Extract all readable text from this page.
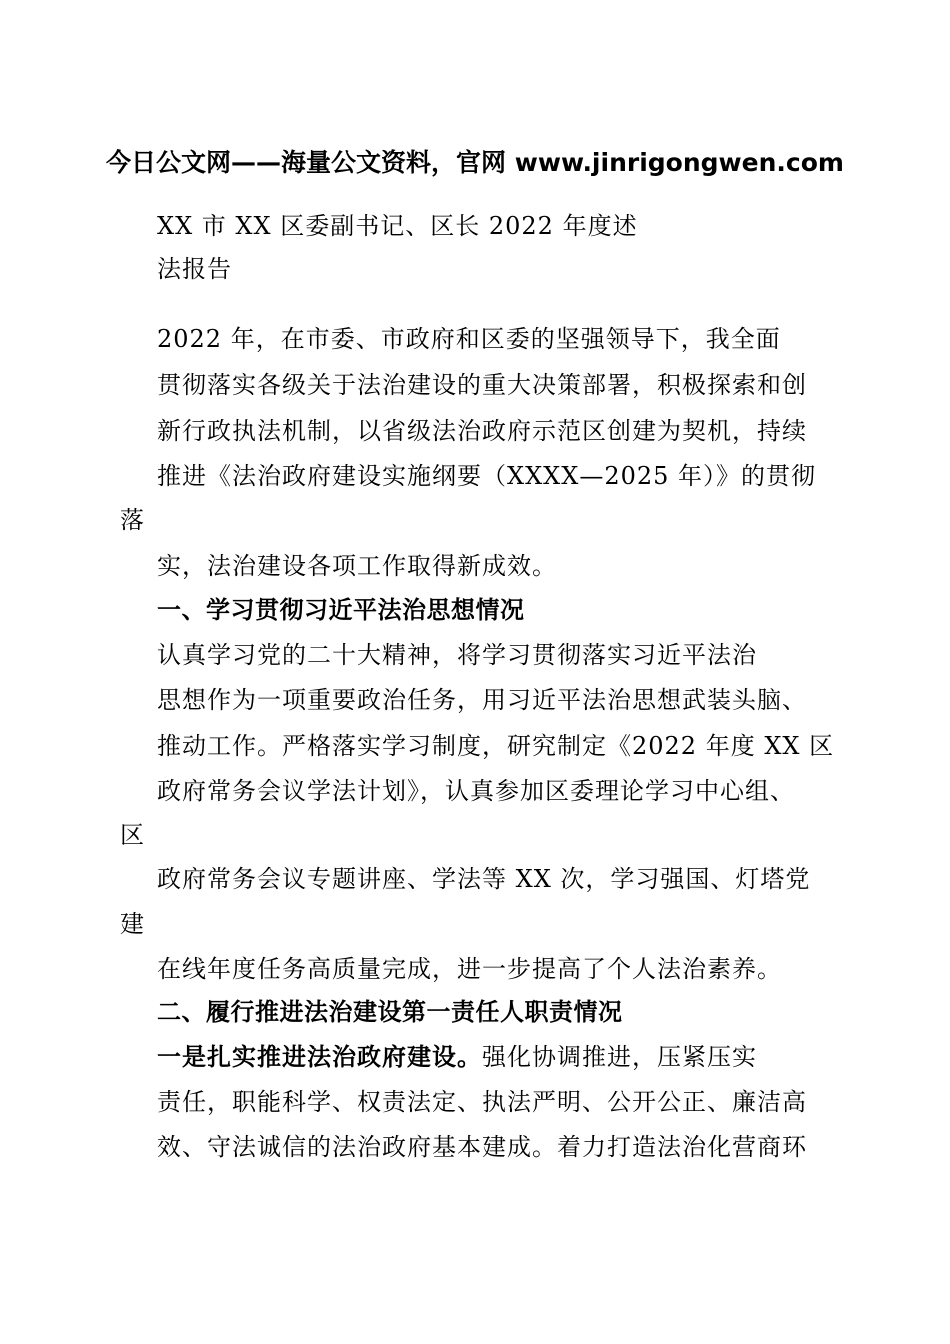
今日公文网——海量公文资料，官网 www.jinrigongwen.com
XX 市 XX 区委副书记、区长 2022 年度述
法报告
2022 年，在市委、市政府和区委的坚强领导下，我全面
贯彻落实各级关于法治建设的重大决策部署，积极探索和创
新行政执法机制，以省级法治政府示范区创建为契机，持续
推进《法治政府建设实施纲要（XXXX—2025 年）》的贯彻
落
实，法治建设各项工作取得新成效。
一、学习贯彻习近平法治思想情况
认真学习党的二十大精神，将学习贯彻落实习近平法治
思想作为一项重要政治任务，用习近平法治思想武装头脑、
推动工作。严格落实学习制度，研究制定《2022 年度 XX 区
政府常务会议学法计划》，认真参加区委理论学习中心组、
区
政府常务会议专题讲座、学法等 XX 次，学习强国、灯塔党
建
在线年度任务高质量完成，进一步提高了个人法治素养。
二、履行推进法治建设第一责任人职责情况
一是扎实推进法治政府建设。强化协调推进，压紧压实
责任，职能科学、权责法定、执法严明、公开公正、廉洁高
效、守法诚信的法治政府基本建成。着力打造法治化营商环
